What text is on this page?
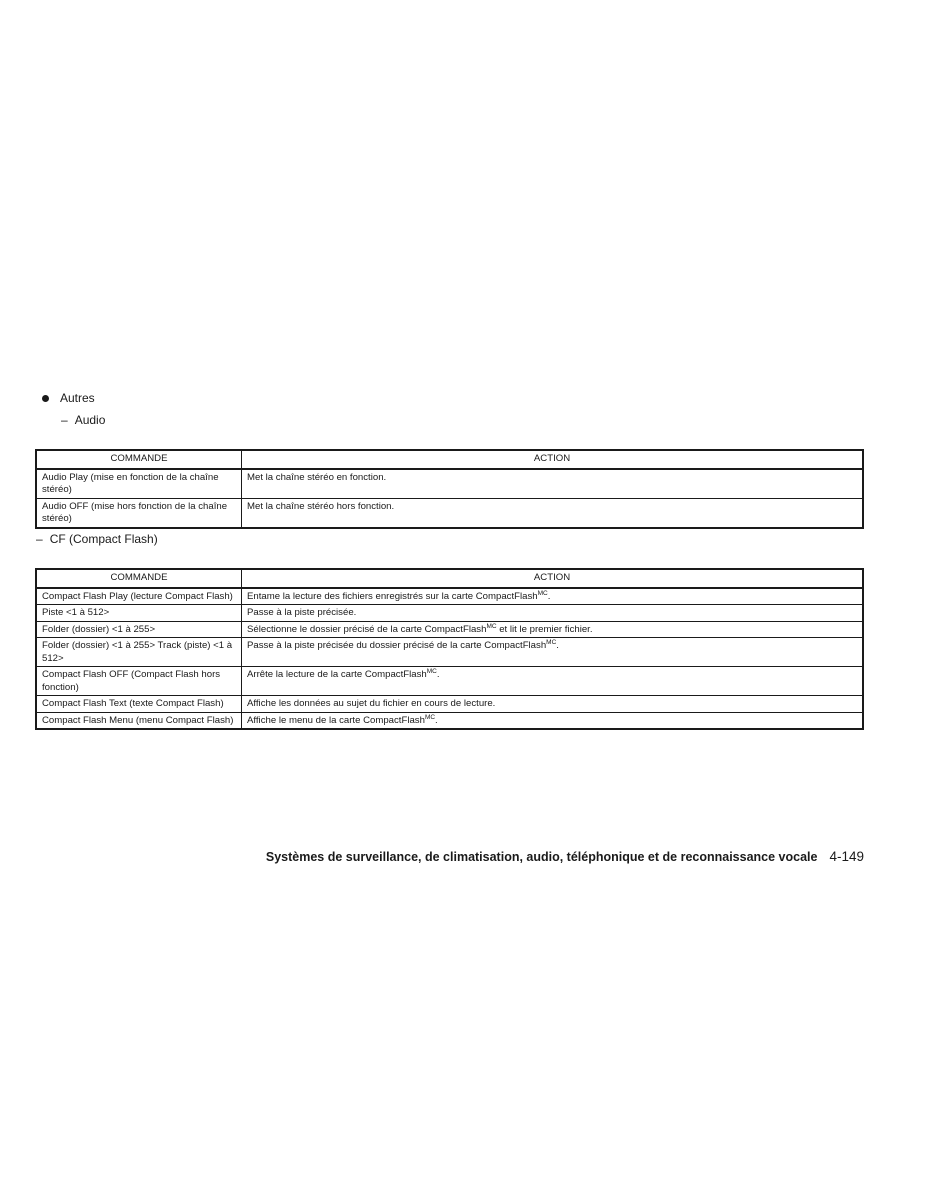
Autres
– Audio
COMMANDE	ACTION
Audio Play (mise en fonction de la chaîne stéréo)	Met la chaîne stéréo en fonction.
Audio OFF (mise hors fonction de la chaîne stéréo)	Met la chaîne stéréo hors fonction.
– CF (Compact Flash)
COMMANDE	ACTION
Compact Flash Play (lecture Compact Flash)	Entame la lecture des fichiers enregistrés sur la carte CompactFlash$^{MC}$.
Piste <1 à 512>	Passe à la piste précisée.
Folder (dossier) <1 à 255>	Sélectionne le dossier précisé de la carte CompactFlash$^{MC}$ et lit le premier fichier.
Folder (dossier) <1 à 255> Track (piste) <1 à 512>	Passe à la piste précisée du dossier précisé de la carte CompactFlash$^{MC}$.
Compact Flash OFF (Compact Flash hors fonction)	Arrête la lecture de la carte CompactFlash$^{MC}$.
Compact Flash Text (texte Compact Flash)	Affiche les données au sujet du fichier en cours de lecture.
Compact Flash Menu (menu Compact Flash)	Affiche le menu de la carte CompactFlash$^{MC}$.
Systèmes de surveillance, de climatisation, audio, téléphonique et de reconnaissance vocale 4-149
